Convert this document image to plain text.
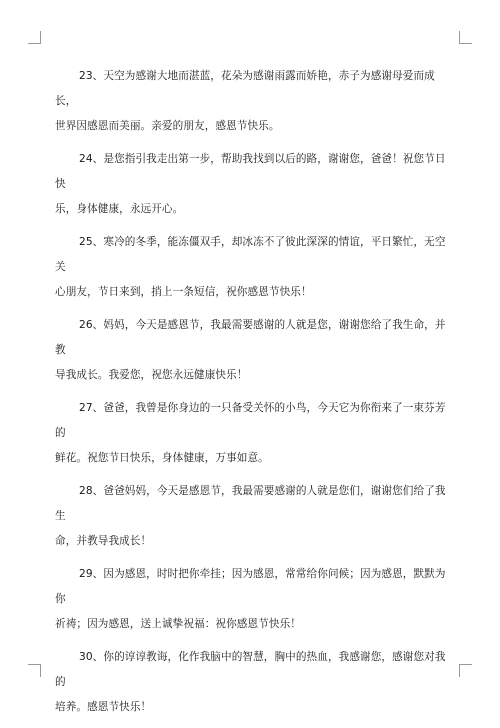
23、天空为感谢大地而湛蓝，花朵为感谢雨露而娇艳，赤子为感谢母爱而成长，
世界因感恩而美丽。亲爱的朋友，感恩节快乐。

24、是您指引我走出第一步，帮助我找到以后的路，谢谢您，爸爸！祝您节日快
乐，身体健康，永远开心。

25、寒冷的冬季，能冻僵双手，却冰冻不了彼此深深的情谊，平日繁忙，无空关
心朋友，节日来到，捎上一条短信，祝你感恩节快乐！

26、妈妈，今天是感恩节，我最需要感谢的人就是您，谢谢您给了我生命，并教
导我成长。我爱您，祝您永远健康快乐！

27、爸爸，我曾是你身边的一只备受关怀的小鸟，今天它为你衔来了一束芬芳的
鲜花。祝您节日快乐，身体健康，万事如意。

28、爸爸妈妈，今天是感恩节，我最需要感谢的人就是您们，谢谢您们给了我生
命，并教导我成长！

29、因为感恩，时时把你牵挂；因为感恩，常常给你问候；因为感恩，默默为你
祈祷；因为感恩，送上诚挚祝福：祝你感恩节快乐！

30、你的谆谆教诲，化作我脑中的智慧，胸中的热血，我感谢您，感谢您对我的
培养。感恩节快乐！
